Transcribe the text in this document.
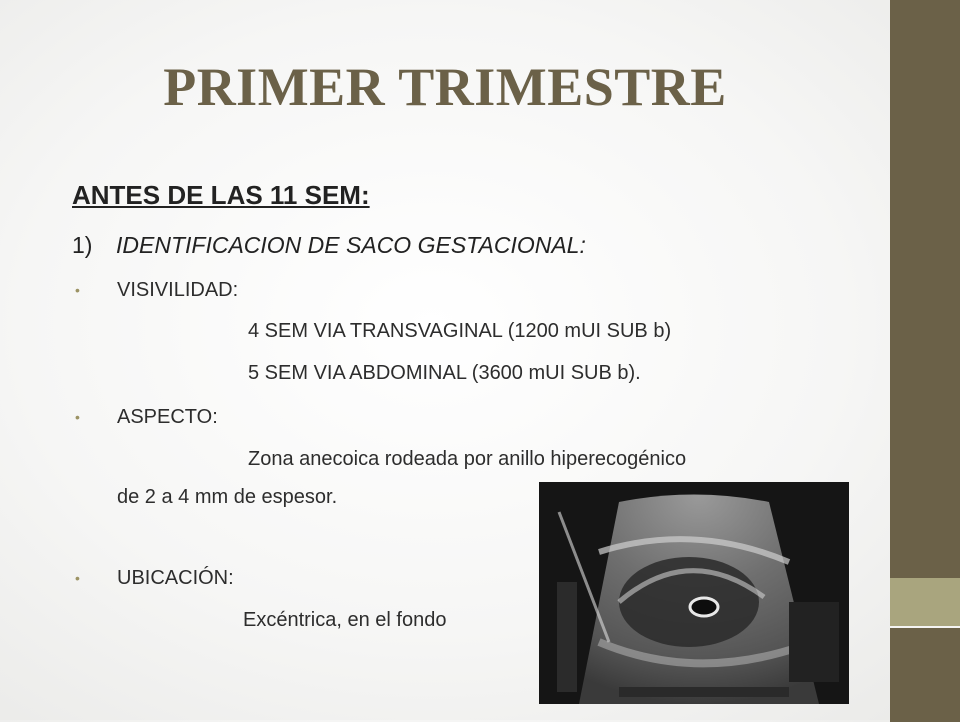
PRIMER TRIMESTRE
ANTES DE LAS 11 SEM:
1) IDENTIFICACION DE SACO GESTACIONAL:
• VISIVILIDAD:
4 SEM VIA TRANSVAGINAL (1200 mUI SUB b)
5 SEM VIA ABDOMINAL (3600 mUI SUB b).
• ASPECTO:
Zona anecoica rodeada por anillo hiperecogénico
de 2 a 4 mm de espesor.
• UBICACIÓN:
Excéntrica, en el fondo
